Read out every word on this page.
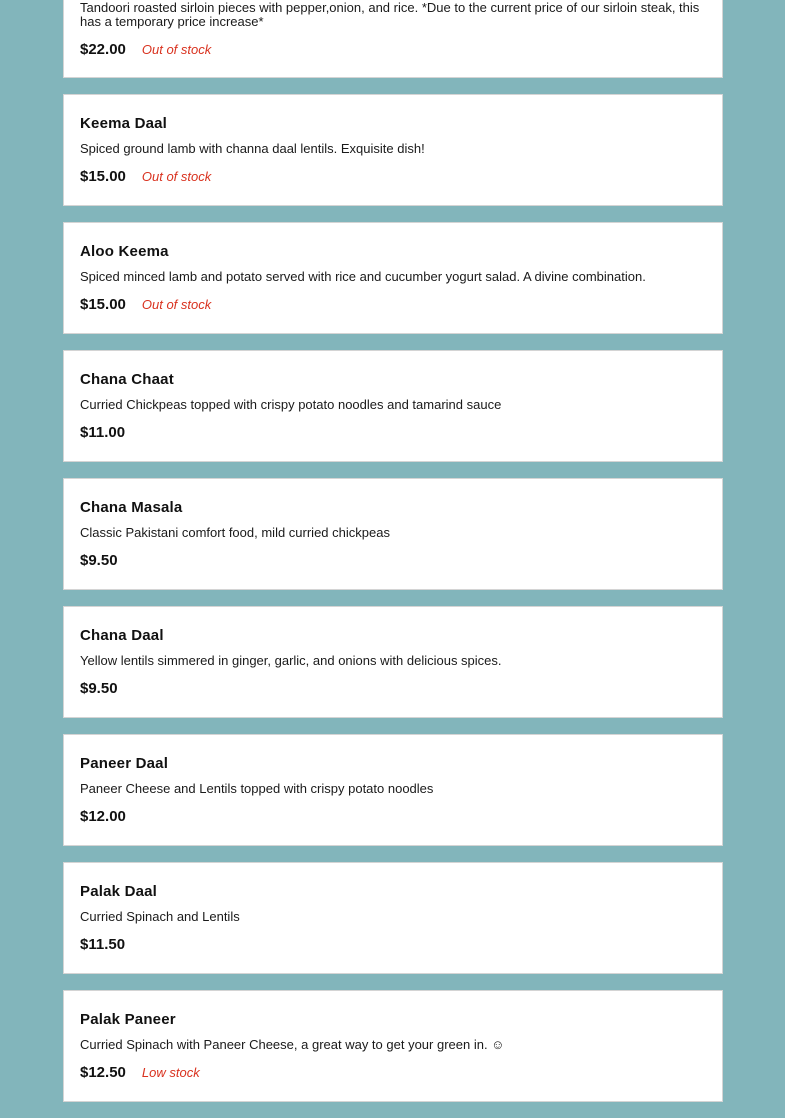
Tandoori roasted sirloin pieces with pepper,onion, and rice. *Due to the current price of our sirloin steak, this has a temporary price increase*
$22.00 Out of stock
Keema Daal
Spiced ground lamb with channa daal lentils. Exquisite dish!
$15.00 Out of stock
Aloo Keema
Spiced minced lamb and potato served with rice and cucumber yogurt salad. A divine combination.
$15.00 Out of stock
Chana Chaat
Curried Chickpeas topped with crispy potato noodles and tamarind sauce
$11.00
Chana Masala
Classic Pakistani comfort food, mild curried chickpeas
$9.50
Chana Daal
Yellow lentils simmered in ginger, garlic, and onions with delicious spices.
$9.50
Paneer Daal
Paneer Cheese and Lentils topped with crispy potato noodles
$12.00
Palak Daal
Curried Spinach and Lentils
$11.50
Palak Paneer
Curried Spinach with Paneer Cheese, a great way to get your green in. ☺
$12.50 Low stock
